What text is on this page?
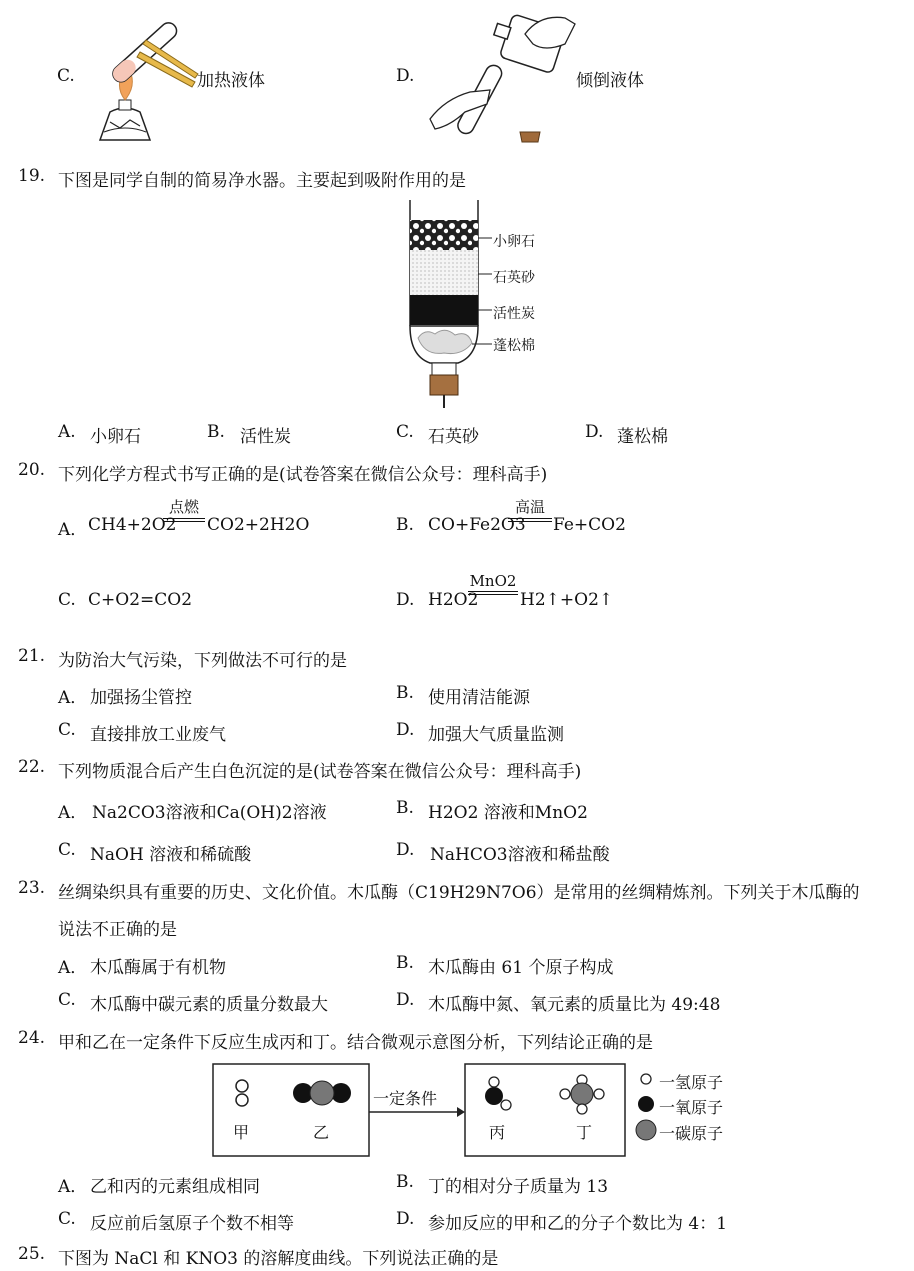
C.	加热液体	D.	倾倒液体
19. 下图是同学自制的简易净水器。主要起到吸附作用的是
小卵石
石英砂
活性炭
蓬松棉
A. 小卵石	B. 活性炭	C. 石英砂	D. 蓬松棉
20. 下列化学方程式书写正确的是(试卷答案在微信公众号：理科高手)
A． CH4+2O2
点燃
CO2+2H2O	B. CO+Fe2O3
高温
Fe+CO2
C. C+O2=CO2	D. H2O2
MnO2
H2↑+O2↑
21. 为防治大气污染，下列做法不可行的是
A． 加强扬尘管控	B. 使用清洁能源
C. 直接排放工业废气	D. 加强大气质量监测
22. 下列物质混合后产生白色沉淀的是(试卷答案在微信公众号：理科高手)
A． Na2CO3溶液和Ca(OH)2溶液	B. H2O2 溶液和MnO2
C. NaOH 溶液和稀硫酸	D. NaHCO3溶液和稀盐酸
23. 丝绸染织具有重要的历史、文化价值。木瓜酶（C19H29N7O6）是常用的丝绸精炼剂。下列关于木瓜酶的
说法不正确的是
A． 木瓜酶属于有机物	B. 木瓜酶由 61 个原子构成
C. 木瓜酶中碳元素的质量分数最大	D. 木瓜酶中氮、氧元素的质量比为 49:48
24. 甲和乙在一定条件下反应生成丙和丁。结合微观示意图分析，下列结论正确的是
甲	乙
一定条件
丙	丁
一氢原子
一氧原子
一碳原子
A． 乙和丙的元素组成相同	B. 丁的相对分子质量为 13
C. 反应前后氢原子个数不相等	D. 参加反应的甲和乙的分子个数比为 4：1
25. 下图为 NaCl 和 KNO3 的溶解度曲线。下列说法正确的是
